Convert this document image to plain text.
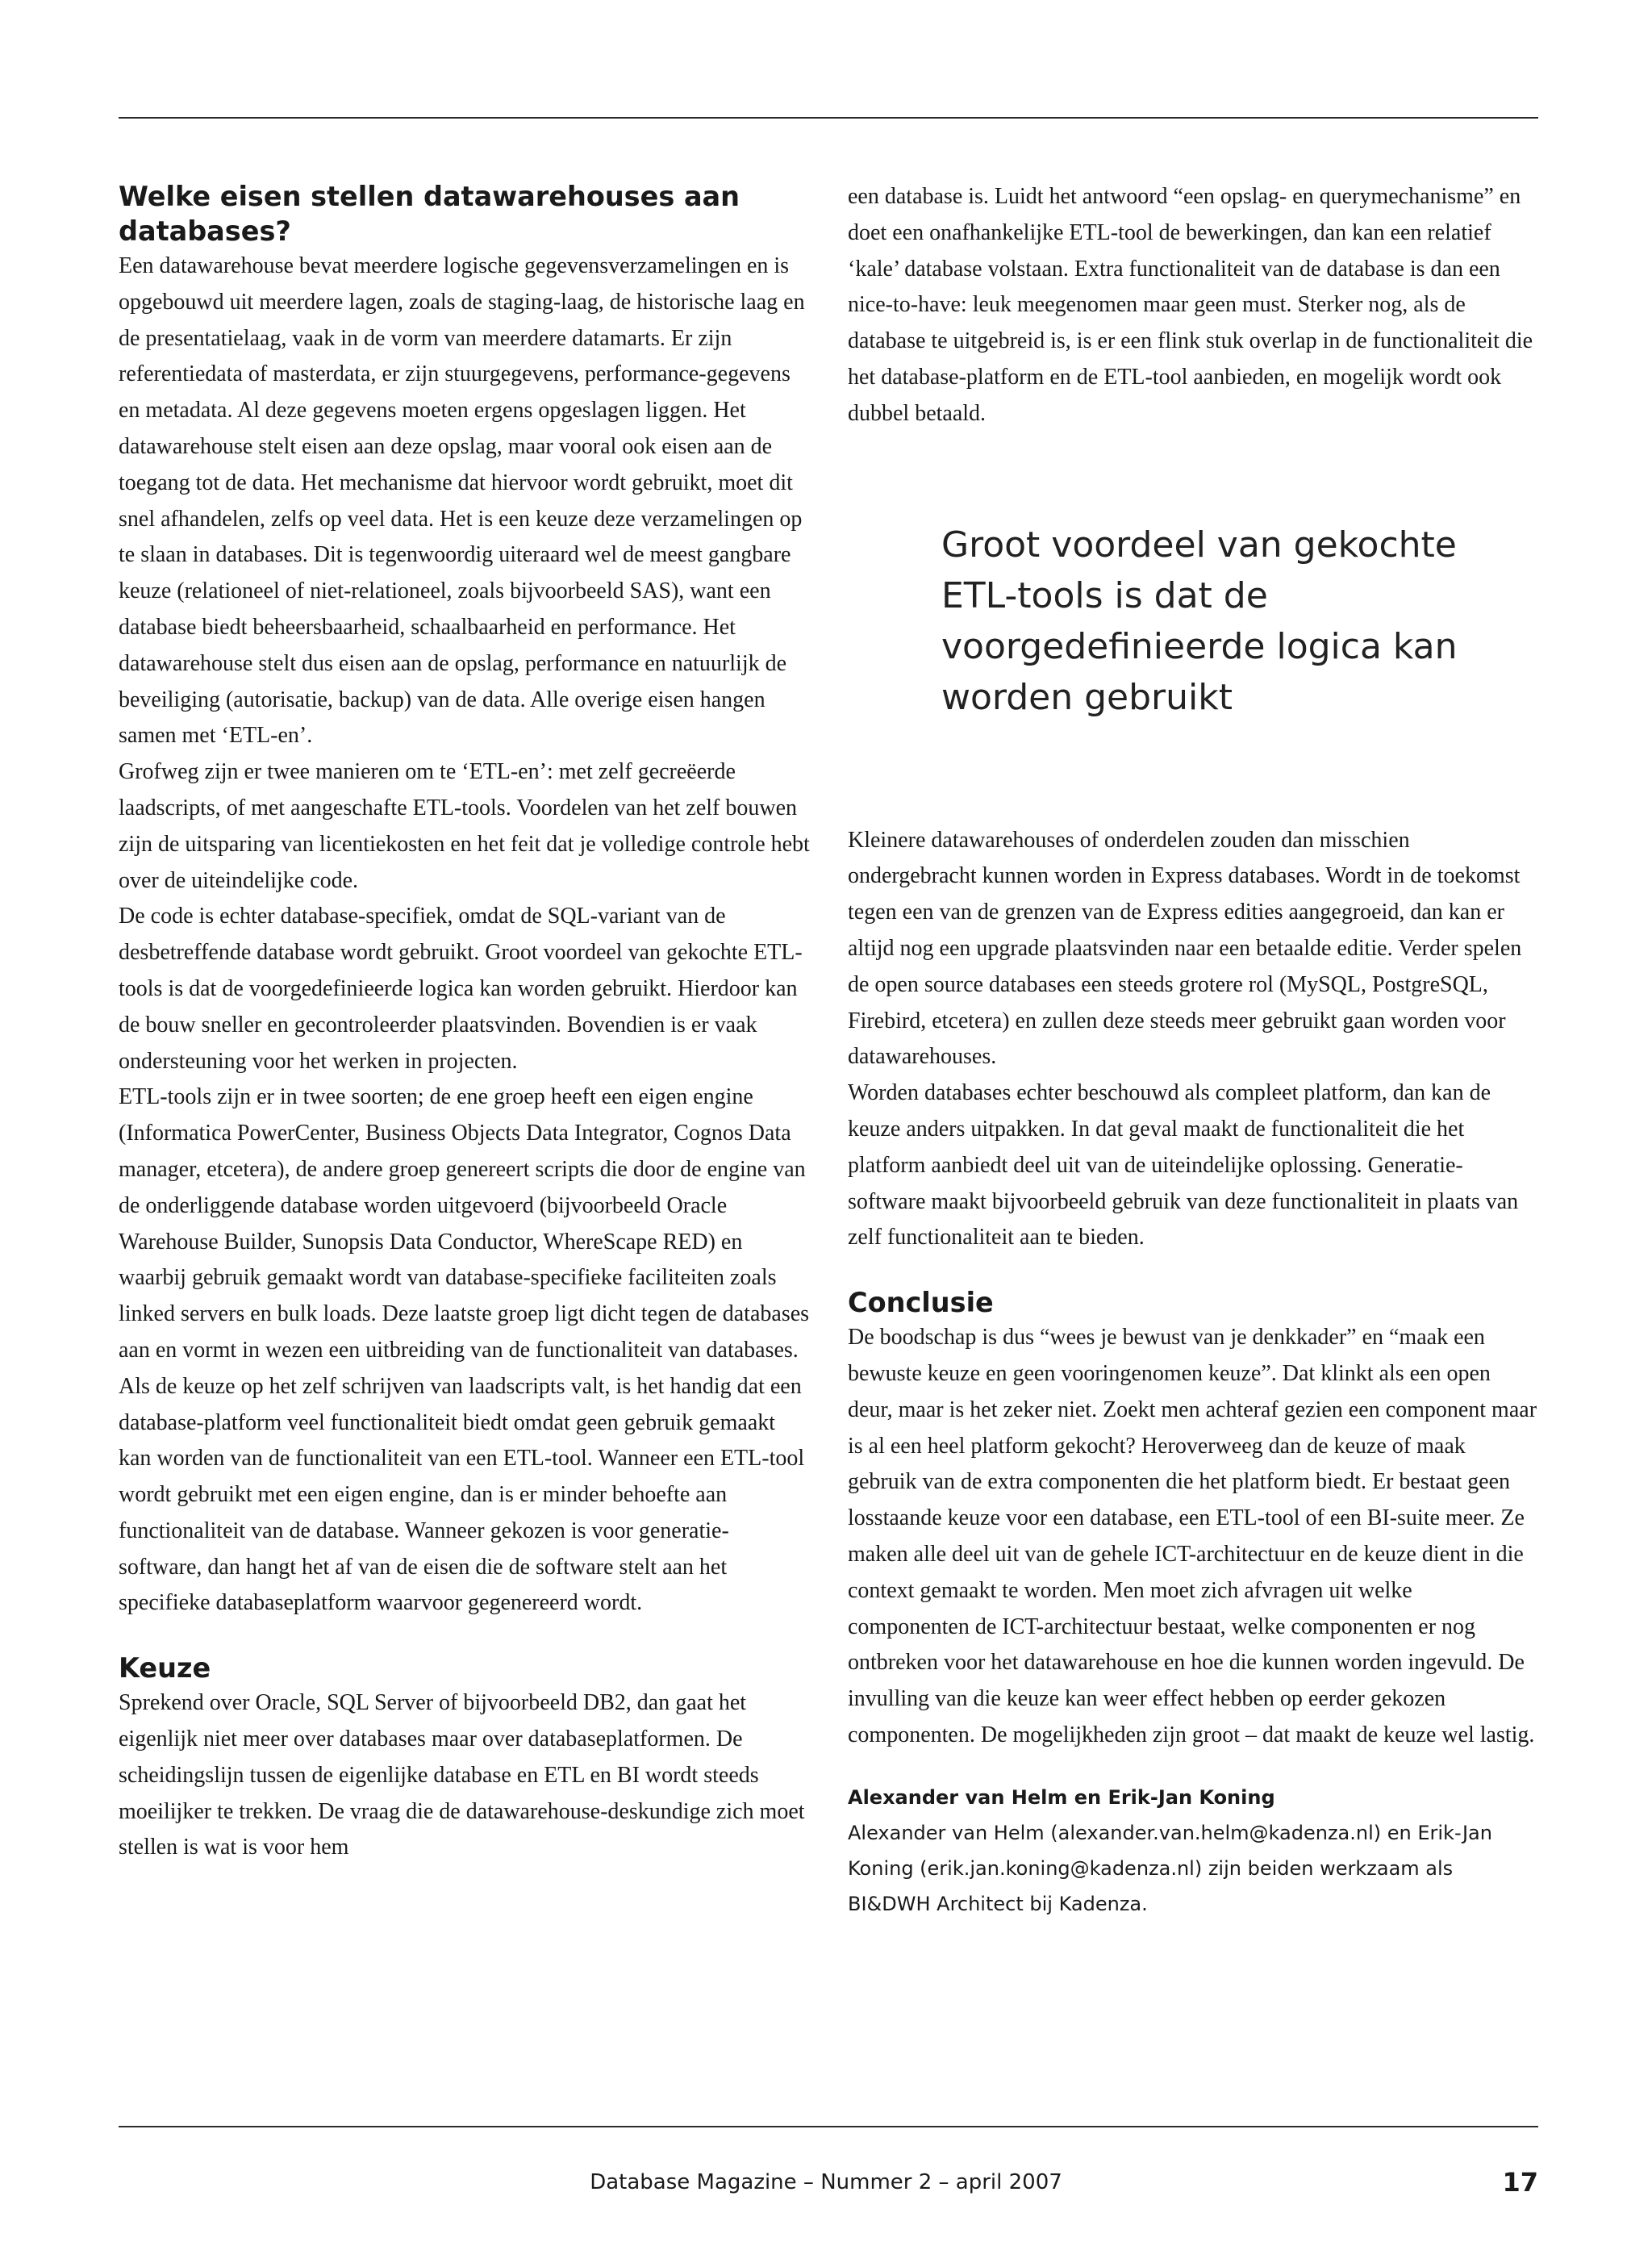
Welke eisen stellen datawarehouses aan databases?

Een datawarehouse bevat meerdere logische gegevensverzamelingen en is opgebouwd uit meerdere lagen, zoals de staging-laag, de historische laag en de presentatielaag, vaak in de vorm van meerdere datamarts. Er zijn referentiedata of masterdata, er zijn stuurgegevens, performance-gegevens en metadata. Al deze gegevens moeten ergens opgeslagen liggen. Het datawarehouse stelt eisen aan deze opslag, maar vooral ook eisen aan de toegang tot de data. Het mechanisme dat hiervoor wordt gebruikt, moet dit snel afhandelen, zelfs op veel data. Het is een keuze deze verzamelingen op te slaan in databases. Dit is tegenwoordig uiteraard wel de meest gangbare keuze (relationeel of niet-relationeel, zoals bijvoorbeeld SAS), want een database biedt beheersbaarheid, schaalbaarheid en performance. Het datawarehouse stelt dus eisen aan de opslag, performance en natuurlijk de beveiliging (autorisatie, backup) van de data. Alle overige eisen hangen samen met ‘ETL-en’.

Grofweg zijn er twee manieren om te ‘ETL-en’: met zelf gecreëerde laadscripts, of met aangeschafte ETL-tools. Voordelen van het zelf bouwen zijn de uitsparing van licentiekosten en het feit dat je volledige controle hebt over de uiteindelijke code.

De code is echter database-specifiek, omdat de SQL-variant van de desbetreffende database wordt gebruikt. Groot voordeel van gekochte ETL-tools is dat de voorgedefinieerde logica kan worden gebruikt. Hierdoor kan de bouw sneller en gecontroleerder plaatsvinden. Bovendien is er vaak ondersteuning voor het werken in projecten.

ETL-tools zijn er in twee soorten; de ene groep heeft een eigen engine (Informatica PowerCenter, Business Objects Data Integrator, Cognos Data manager, etcetera), de andere groep genereert scripts die door de engine van de onderliggende database worden uitgevoerd (bijvoorbeeld Oracle Warehouse Builder, Sunopsis Data Conductor, WhereScape RED) en waarbij gebruik gemaakt wordt van database-specifieke faciliteiten zoals linked servers en bulk loads. Deze laatste groep ligt dicht tegen de databases aan en vormt in wezen een uitbreiding van de functionaliteit van databases.

Als de keuze op het zelf schrijven van laadscripts valt, is het handig dat een database-platform veel functionaliteit biedt omdat geen gebruik gemaakt kan worden van de functionaliteit van een ETL-tool. Wanneer een ETL-tool wordt gebruikt met een eigen engine, dan is er minder behoefte aan functionaliteit van de database. Wanneer gekozen is voor generatie-software, dan hangt het af van de eisen die de software stelt aan het specifieke databaseplatform waarvoor gegenereerd wordt.

Keuze

Sprekend over Oracle, SQL Server of bijvoorbeeld DB2, dan gaat het eigenlijk niet meer over databases maar over databaseplatformen. De scheidingslijn tussen de eigenlijke database en ETL en BI wordt steeds moeilijker te trekken. De vraag die de datawarehouse-deskundige zich moet stellen is wat is voor hem

een database is. Luidt het antwoord “een opslag- en querymechanisme” en doet een onafhankelijke ETL-tool de bewerkingen, dan kan een relatief ‘kale’ database volstaan. Extra functionaliteit van de database is dan een nice-to-have: leuk meegenomen maar geen must. Sterker nog, als de database te uitgebreid is, is er een flink stuk overlap in de functionaliteit die het database-platform en de ETL-tool aanbieden, en mogelijk wordt ook dubbel betaald.

Groot voordeel van gekochte ETL-tools is dat de voorgedefinieerde logica kan worden gebruikt

Kleinere datawarehouses of onderdelen zouden dan misschien ondergebracht kunnen worden in Express databases. Wordt in de toekomst tegen een van de grenzen van de Express edities aangegroeid, dan kan er altijd nog een upgrade plaatsvinden naar een betaalde editie. Verder spelen de open source databases een steeds grotere rol (MySQL, PostgreSQL, Firebird, etcetera) en zullen deze steeds meer gebruikt gaan worden voor datawarehouses.

Worden databases echter beschouwd als compleet platform, dan kan de keuze anders uitpakken. In dat geval maakt de functionaliteit die het platform aanbiedt deel uit van de uiteindelijke oplossing. Generatie-software maakt bijvoorbeeld gebruik van deze functionaliteit in plaats van zelf functionaliteit aan te bieden.

Conclusie

De boodschap is dus “wees je bewust van je denkkader” en “maak een bewuste keuze en geen vooringenomen keuze”. Dat klinkt als een open deur, maar is het zeker niet. Zoekt men achteraf gezien een component maar is al een heel platform gekocht? Heroverweeg dan de keuze of maak gebruik van de extra componenten die het platform biedt. Er bestaat geen losstaande keuze voor een database, een ETL-tool of een BI-suite meer. Ze maken alle deel uit van de gehele ICT-architectuur en de keuze dient in die context gemaakt te worden. Men moet zich afvragen uit welke componenten de ICT-architectuur bestaat, welke componenten er nog ontbreken voor het datawarehouse en hoe die kunnen worden ingevuld. De invulling van die keuze kan weer effect hebben op eerder gekozen componenten. De mogelijkheden zijn groot – dat maakt de keuze wel lastig.

Alexander van Helm en Erik-Jan Koning

Alexander van Helm (alexander.van.helm@kadenza.nl) en Erik-Jan Koning (erik.jan.koning@kadenza.nl) zijn beiden werkzaam als BI&DWH Architect bij Kadenza.

Database Magazine – Nummer 2 – april 2007	17
